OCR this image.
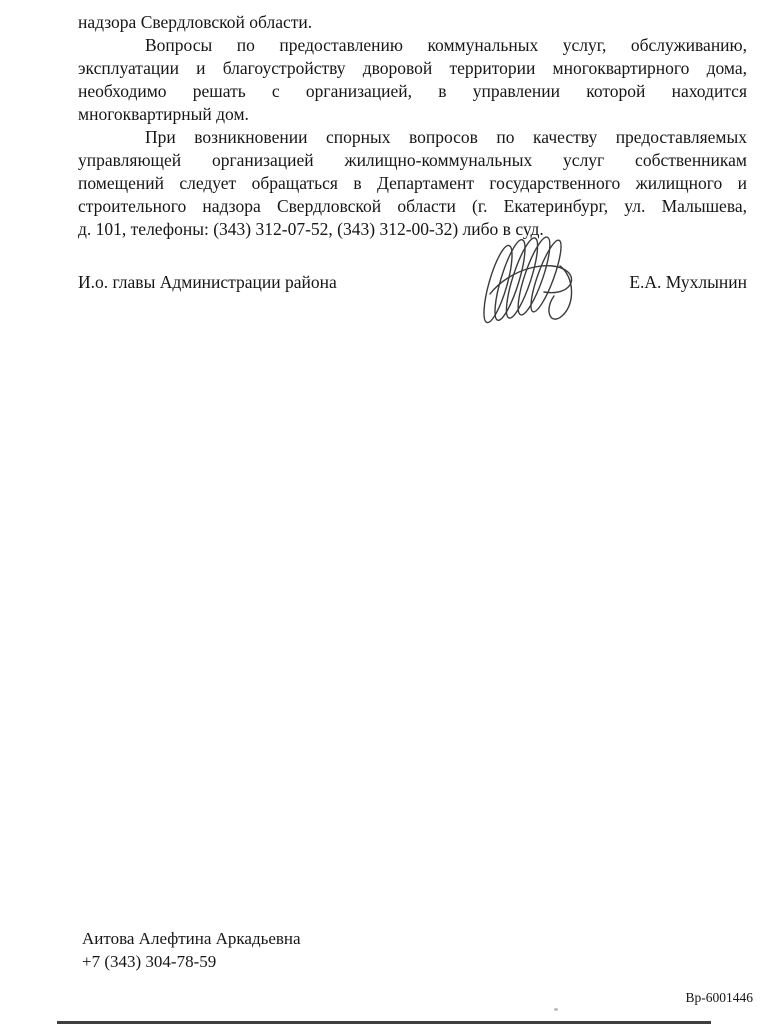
надзора Свердловской области.
Вопросы по предоставлению коммунальных услуг, обслуживанию,
эксплуатации и благоустройству дворовой территории многоквартирного дома,
необходимо решать с организацией, в управлении которой находится
многоквартирный дом.
При возникновении спорных вопросов по качеству предоставляемых
управляющей организацией жилищно-коммунальных услуг собственникам
помещений следует обращаться в Департамент государственного жилищного и
строительного надзора Свердловской области (г. Екатеринбург, ул. Малышева,
д. 101, телефоны: (343) 312-07-52, (343) 312-00-32) либо в суд.
И.о. главы Администрации района	Е.А. Мухлынин
Аитова Алефтина Аркадьевна
+7 (343) 304-78-59
Вр-6001446
